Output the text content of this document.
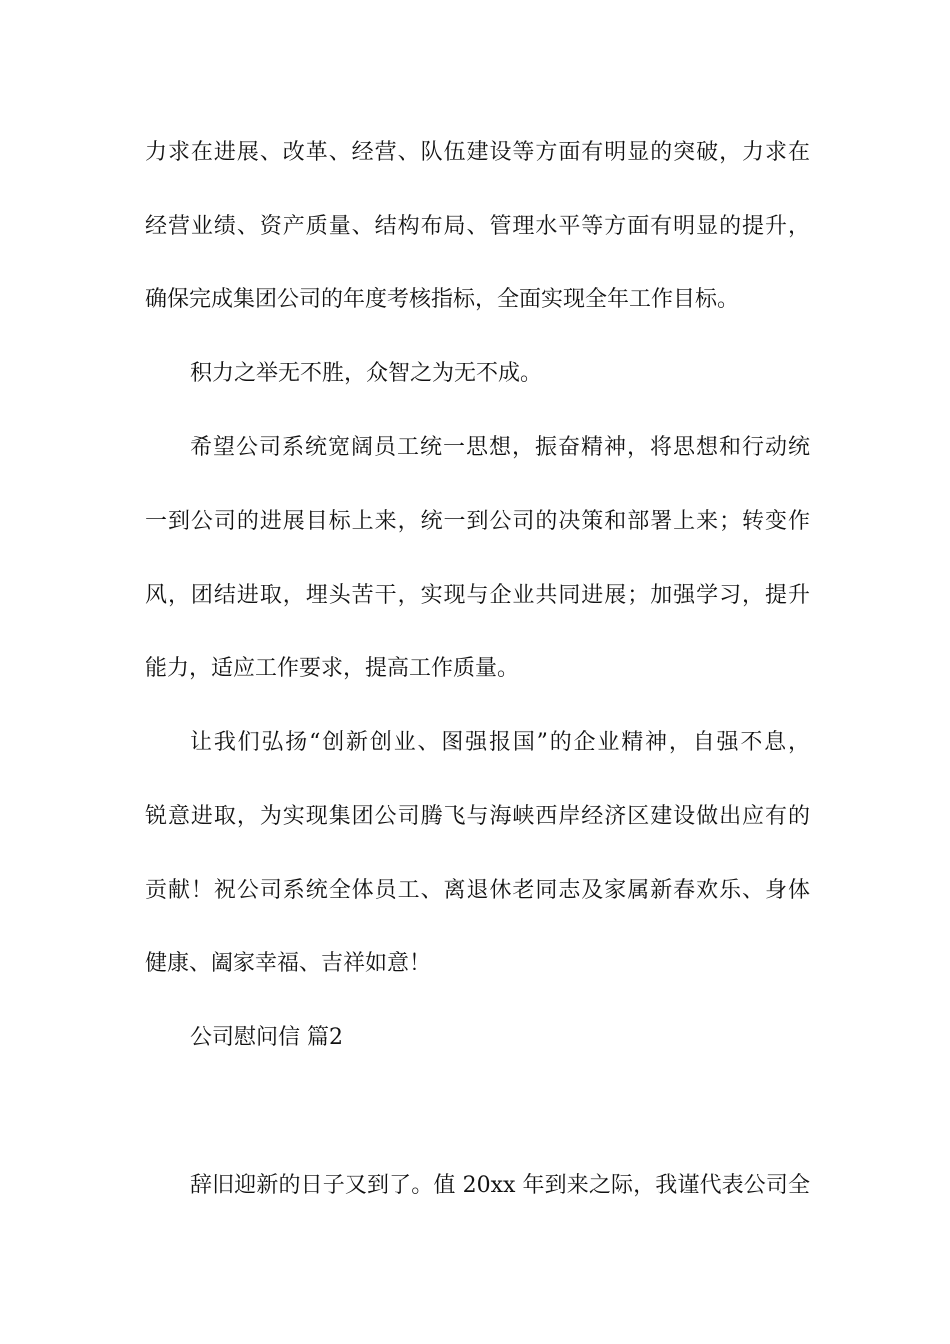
力求在进展、改革、经营、队伍建设等方面有明显的突破，力求在
经营业绩、资产质量、结构布局、管理水平等方面有明显的提升，
确保完成集团公司的年度考核指标，全面实现全年工作目标。
积力之举无不胜，众智之为无不成。
希望公司系统宽阔员工统一思想，振奋精神，将思想和行动统
一到公司的进展目标上来，统一到公司的决策和部署上来；转变作
风，团结进取，埋头苦干，实现与企业共同进展；加强学习，提升
能力，适应工作要求，提高工作质量。
让我们弘扬“创新创业、图强报国”的企业精神，自强不息，
锐意进取，为实现集团公司腾飞与海峡西岸经济区建设做出应有的
贡献！祝公司系统全体员工、离退休老同志及家属新春欢乐、身体
健康、阖家幸福、吉祥如意！
公司慰问信 篇2
辞旧迎新的日子又到了。值 20xx 年到来之际，我谨代表公司全
